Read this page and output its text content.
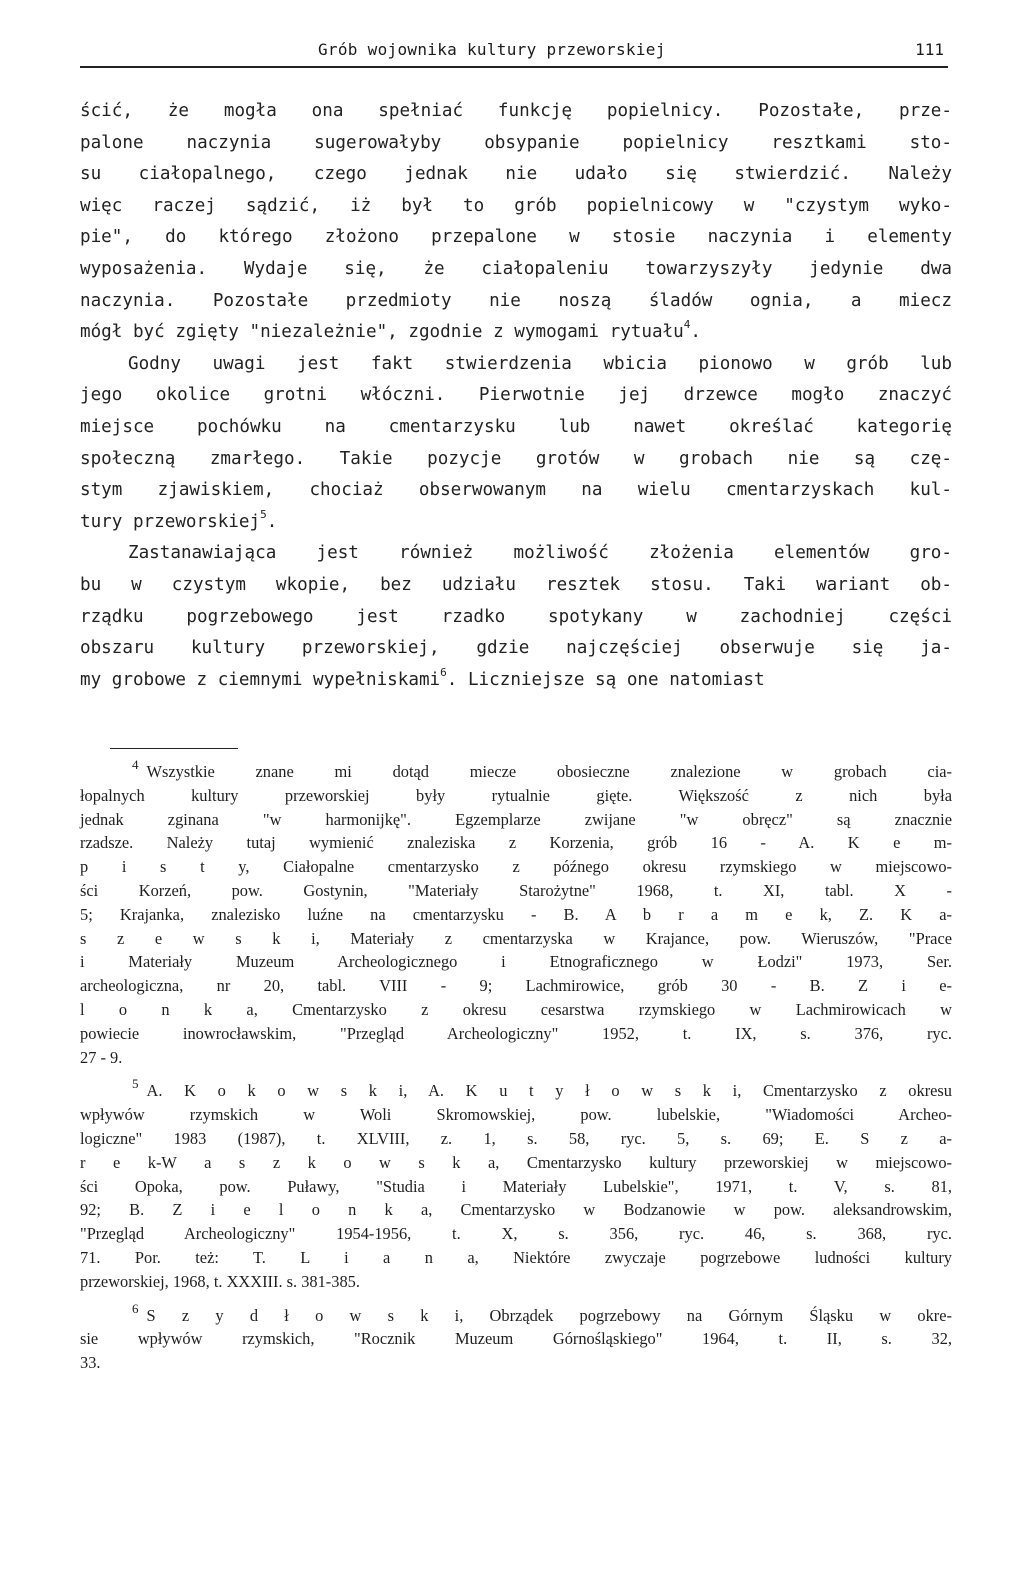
Grób wojownika kultury przeworskiej	111
ścić, że mogła ona spełniać funkcję popielnicy. Pozostałe, prze-
palone naczynia sugerowałyby obsypanie popielnicy resztkami sto-
su ciałopalnego, czego jednak nie udało się stwierdzić. Należy
więc raczej sądzić, iż był to grób popielnicowy w "czystym wyko-
pie", do którego złożono przepalone w stosie naczynia i elementy
wyposażenia. Wydaje się, że ciałopaleniu towarzyszyły jedynie dwa
naczynia. Pozostałe przedmioty nie noszą śladów ognia, a miecz
mógł być zgięty "niezależnie", zgodnie z wymogami rytuału$^4$.
Godny uwagi jest fakt stwierdzenia wbicia pionowo w grób lub
jego okolice grotni włóczni. Pierwotnie jej drzewce mogło znaczyć
miejsce pochówku na cmentarzysku lub nawet określać kategorię
społeczną zmarłego. Takie pozycje grotów w grobach nie są czę-
stym zjawiskiem, chociaż obserwowanym na wielu cmentarzyskach kul-
tury przeworskiej$^5$.
Zastanawiająca jest również możliwość złożenia elementów gro-
bu w czystym wkopie, bez udziału resztek stosu. Taki wariant ob-
rządku pogrzebowego jest rzadko spotykany w zachodniej części
obszaru kultury przeworskiej, gdzie najczęściej obserwuje się ja-
my grobowe z ciemnymi wypełniskami$^6$. Liczniejsze są one natomiast
$^4$ Wszystkie znane mi dotąd miecze obosieczne znalezione w grobach cia-
łopalnych kultury przeworskiej były rytualnie gięte. Większość z nich była
jednak zginana "w harmonijkę". Egzemplarze zwijane "w obręcz" są znacznie
rzadsze. Należy tutaj wymienić znaleziska z Korzenia, grób 16 - A. K e m-
p i s t y, Ciałopalne cmentarzysko z późnego okresu rzymskiego w miejscowo-
ści Korzeń, pow. Gostynin, "Materiały Starożytne" 1968, t. XI, tabl. X -
5; Krajanka, znalezisko luźne na cmentarzysku - B. A b r a m e k, Z. K a-
s z e w s k i, Materiały z cmentarzyska w Krajance, pow. Wieruszów, "Prace
i Materiały Muzeum Archeologicznego i Etnograficznego w Łodzi" 1973, Ser.
archeologiczna, nr 20, tabl. VIII - 9; Lachmirowice, grób 30 - B. Z i e-
l o n k a, Cmentarzysko z okresu cesarstwa rzymskiego w Lachmirowicach w
powiecie inowrocławskim, "Przegląd Archeologiczny" 1952, t. IX, s. 376, ryc.
27 - 9.
$^5$ A. K o k o w s k i, A. K u t y ł o w s k i, Cmentarzysko z okresu
wpływów rzymskich w Woli Skromowskiej, pow. lubelskie, "Wiadomości Archeo-
logiczne" 1983 (1987), t. XLVIII, z. 1, s. 58, ryc. 5, s. 69; E. S z a-
r e k-W a s z k o w s k a, Cmentarzysko kultury przeworskiej w miejscowo-
ści Opoka, pow. Puławy, "Studia i Materiały Lubelskie", 1971, t. V, s. 81,
92; B. Z i e l o n k a, Cmentarzysko w Bodzanowie w pow. aleksandrowskim,
"Przegląd Archeologiczny" 1954-1956, t. X, s. 356, ryc. 46, s. 368, ryc.
71. Por. też: T. L i a n a, Niektóre zwyczaje pogrzebowe ludności kultury
przeworskiej, 1968, t. XXXIII. s. 381-385.
$^6$ S z y d ł o w s k i, Obrządek pogrzebowy na Górnym Śląsku w okre-
sie wpływów rzymskich, "Rocznik Muzeum Górnośląskiego" 1964, t. II, s. 32,
33.
